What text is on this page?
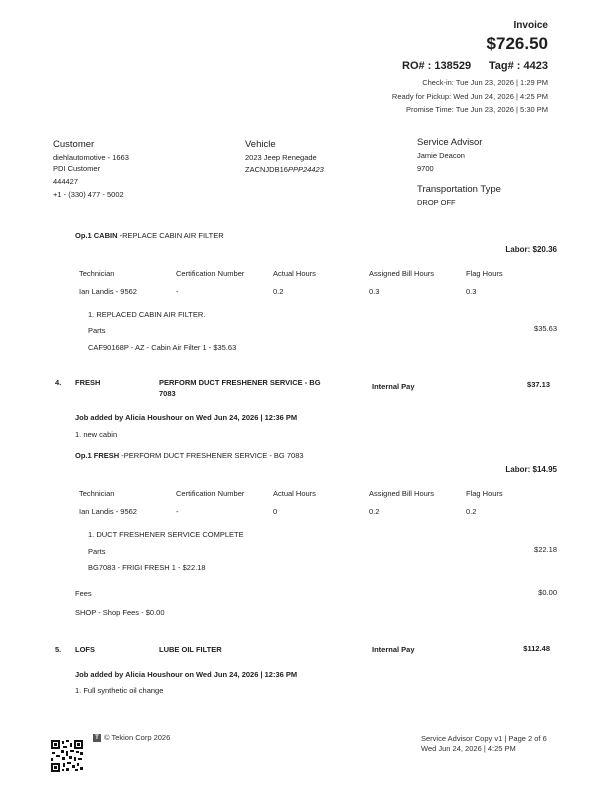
Invoice
$726.50
RO# : 138529 Tag# : 4423
Check-in: Tue Jun 23, 2026 | 1:29 PM
Ready for Pickup: Wed Jun 24, 2026 | 4:25 PM
Promise Time: Tue Jun 23, 2026 | 5:30 PM
Customer
diehlautomotive - 1663
PDI Customer
444427
+1 - (330) 477 - 5002
Vehicle
2023 Jeep Renegade
ZACNJDB16PPP24423
Service Advisor
Jamie Deacon
9700
Transportation Type
DROP OFF
Op.1 CABIN -REPLACE CABIN AIR FILTER
Labor: $20.36
Technician	Certification Number	Actual Hours	Assigned Bill Hours	Flag Hours
Ian Landis - 9562	-	0.2	0.3	0.3
1. REPLACED CABIN AIR FILTER.
Parts	$35.63
CAF90168P - AZ - Cabin Air Filter 1 - $35.63
4. FRESH	PERFORM DUCT FRESHENER SERVICE - BG
7083
Internal Pay	$37.13
Job added by Alicia Houshour on Wed Jun 24, 2026 | 12:36 PM
1. new cabin
Op.1 FRESH -PERFORM DUCT FRESHENER SERVICE - BG 7083
Labor: $14.95
Technician	Certification Number	Actual Hours	Assigned Bill Hours	Flag Hours
Ian Landis - 9562	-	0	0.2	0.2
1. DUCT FRESHENER SERVICE COMPLETE
Parts	$22.18
BG7083 - FRIGI FRESH 1 - $22.18
Fees	$0.00
SHOP - Shop Fees - $0.00
5. LOFS	LUBE OIL FILTER	Internal Pay	$112.48
Job added by Alicia Houshour on Wed Jun 24, 2026 | 12:36 PM
1. Full synthetic oil change
T © Tekion Corp 2026	Service Advisor Copy v1 | Page 2 of 6
Wed Jun 24, 2026 | 4:25 PM
